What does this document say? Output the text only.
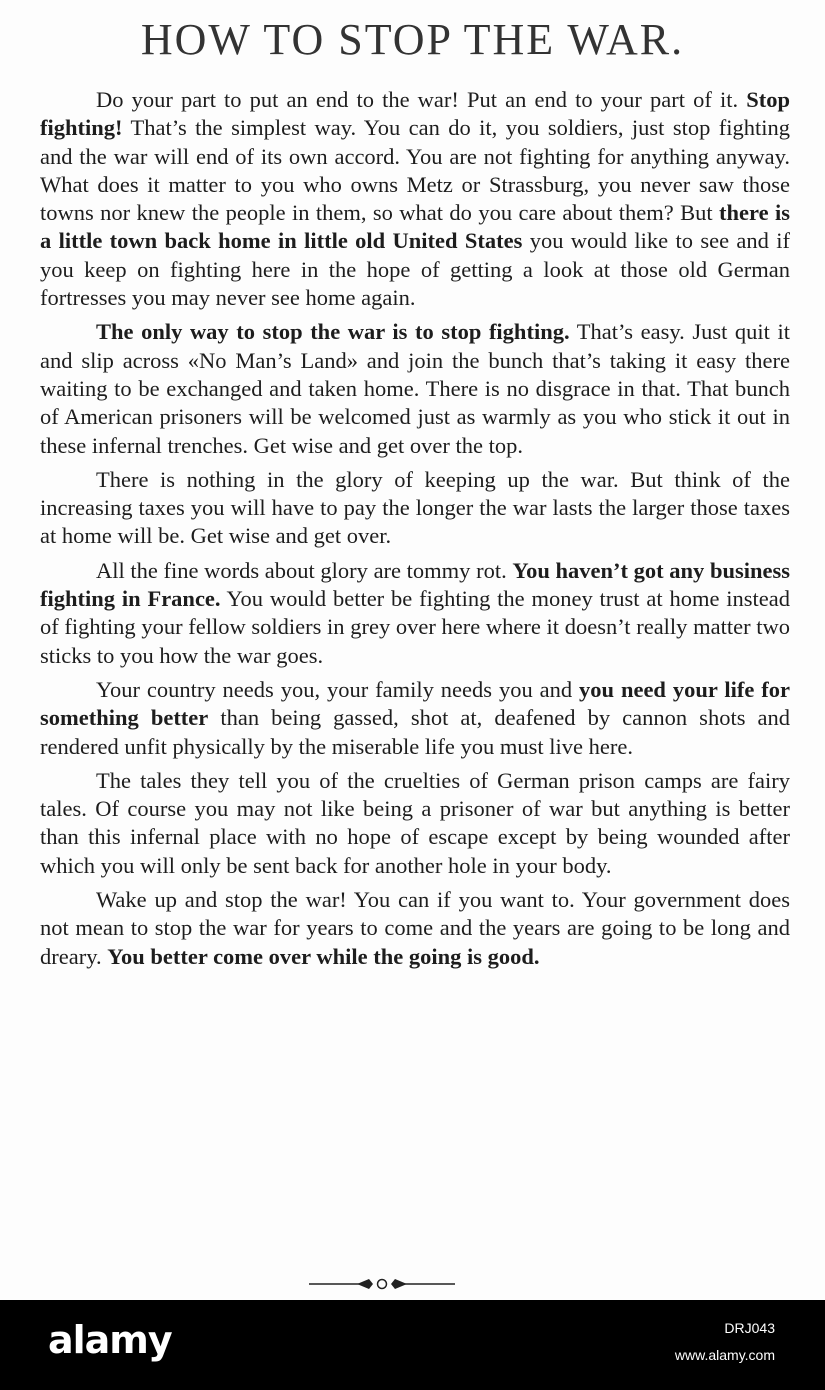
HOW TO STOP THE WAR.

Do your part to put an end to the war! Put an end to your part of it. Stop fighting! That’s the simplest way. You can do it, you soldiers, just stop fighting and the war will end of its own accord. You are not fighting for anything anyway. What does it matter to you who owns Metz or Strassburg, you never saw those towns nor knew the people in them, so what do you care about them? But there is a little town back home in little old United States you would like to see and if you keep on fighting here in the hope of getting a look at those old German fortresses you may never see home again.

The only way to stop the war is to stop fighting. That’s easy. Just quit it and slip across «No Man’s Land» and join the bunch that’s taking it easy there waiting to be exchanged and taken home. There is no disgrace in that. That bunch of American prisoners will be welcomed just as warmly as you who stick it out in these infernal trenches. Get wise and get over the top.

There is nothing in the glory of keeping up the war. But think of the increasing taxes you will have to pay the longer the war lasts the larger those taxes at home will be. Get wise and get over.

All the fine words about glory are tommy rot. You haven’t got any business fighting in France. You would better be fighting the money trust at home instead of fighting your fellow soldiers in grey over here where it doesn’t really matter two sticks to you how the war goes.

Your country needs you, your family needs you and you need your life for something better than being gassed, shot at, deafened by cannon shots and rendered unfit physically by the miserable life you must live here.

The tales they tell you of the cruelties of German prison camps are fairy tales. Of course you may not like being a prisoner of war but anything is better than this infernal place with no hope of escape except by being wounded after which you will only be sent back for another hole in your body.

Wake up and stop the war! You can if you want to. Your government does not mean to stop the war for years to come and the years are going to be long and dreary. You better come over while the going is good.

alamy	DRJ043
www.alamy.com
